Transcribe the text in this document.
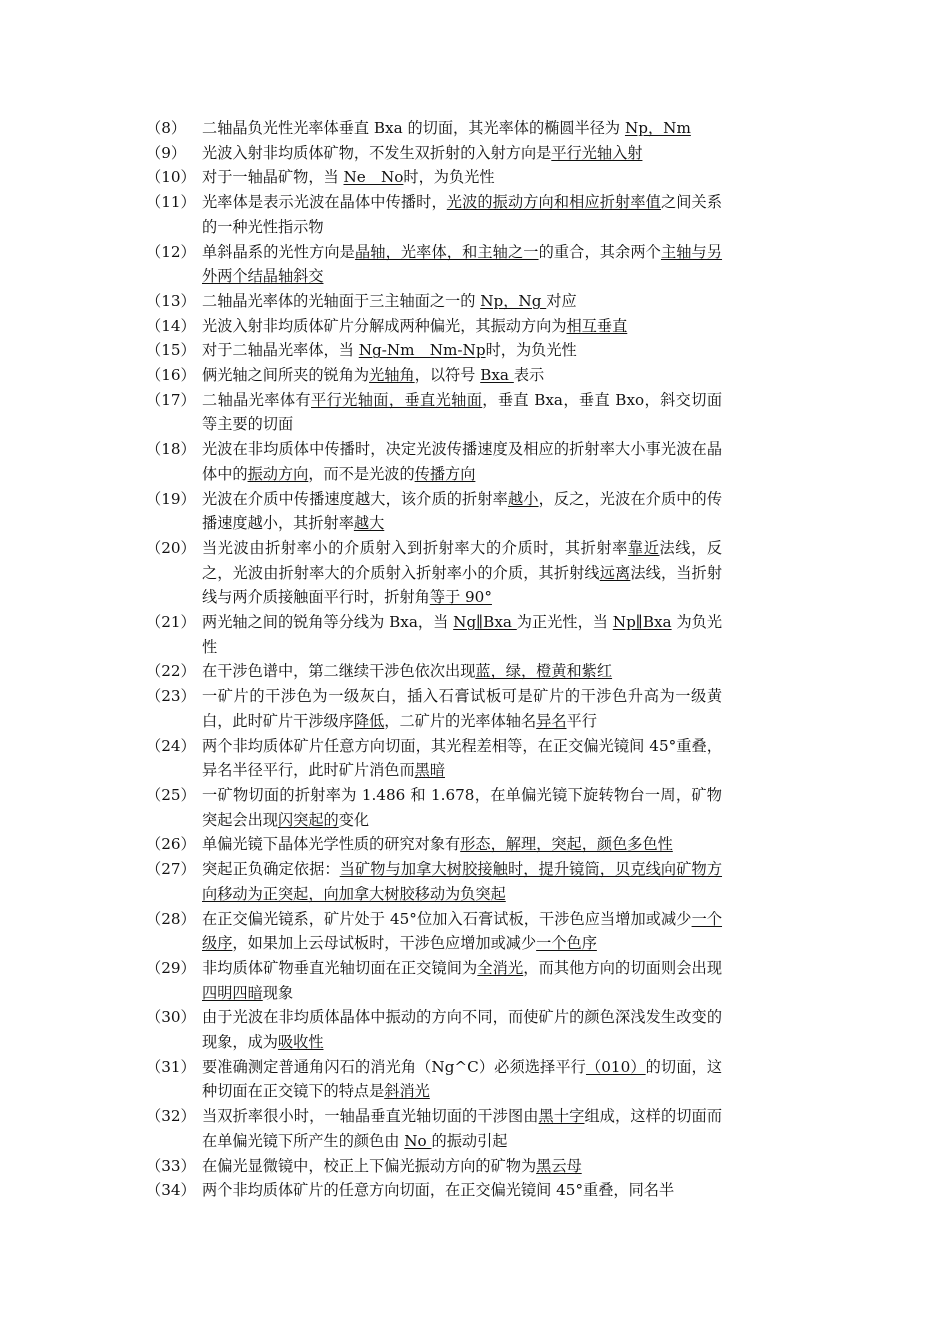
（8）	二轴晶负光性光率体垂直 Bxa 的切面，其光率体的椭圆半径为 Np，Nm
（9）	光波入射非均质体矿物，不发生双折射的入射方向是平行光轴入射
（10） 对于一轴晶矿物，当 Ne　No时，为负光性
（11） 光率体是表示光波在晶体中传播时，光波的振动方向和相应折射率值之间关系的一种光性指示物
（12） 单斜晶系的光性方向是晶轴，光率体，和主轴之一的重合，其余两个主轴与另外两个结晶轴斜交
（13） 二轴晶光率体的光轴面于三主轴面之一的 Np，Ng 对应
（14） 光波入射非均质体矿片分解成两种偏光，其振动方向为相互垂直
（15） 对于二轴晶光率体，当 Ng-Nm　Nm-Np时，为负光性
（16） 俩光轴之间所夹的锐角为光轴角，以符号 Bxa 表示
（17） 二轴晶光率体有平行光轴面，垂直光轴面，垂直 Bxa，垂直 Bxo，斜交切面等主要的切面
（18） 光波在非均质体中传播时，决定光波传播速度及相应的折射率大小事光波在晶体中的振动方向，而不是光波的传播方向
（19） 光波在介质中传播速度越大，该介质的折射率越小，反之，光波在介质中的传播速度越小，其折射率越大
（20） 当光波由折射率小的介质射入到折射率大的介质时，其折射率靠近法线，反之，光波由折射率大的介质射入折射率小的介质，其折射线远离法线，当折射线与两介质接触面平行时，折射角等于 90°
（21） 两光轴之间的锐角等分线为 Bxa，当 Ng∥Bxa 为正光性，当 Np∥Bxa 为负光性
（22） 在干涉色谱中，第二继续干涉色依次出现蓝，绿，橙黄和紫红
（23） 一矿片的干涉色为一级灰白，插入石膏试板可是矿片的干涉色升高为一级黄白，此时矿片干涉级序降低，二矿片的光率体轴名异名平行
（24） 两个非均质体矿片任意方向切面，其光程差相等，在正交偏光镜间 45°重叠，异名半径平行，此时矿片消色而黑暗
（25） 一矿物切面的折射率为 1.486 和 1.678，在单偏光镜下旋转物台一周，矿物突起会出现闪突起的变化
（26） 单偏光镜下晶体光学性质的研究对象有形态，解理，突起，颜色多色性
（27） 突起正负确定依据：当矿物与加拿大树胶接触时，提升镜筒，贝克线向矿物方向移动为正突起，向加拿大树胶移动为负突起
（28） 在正交偏光镜系，矿片处于 45°位加入石膏试板，干涉色应当增加或减少一个级序，如果加上云母试板时，干涉色应增加或减少一个色序
（29） 非均质体矿物垂直光轴切面在正交镜间为全消光，而其他方向的切面则会出现四明四暗现象
（30） 由于光波在非均质体晶体中振动的方向不同，而使矿片的颜色深浅发生改变的现象，成为吸收性
（31） 要准确测定普通角闪石的消光角（Ng^C）必须选择平行（010）的切面，这种切面在正交镜下的特点是斜消光
（32） 当双折率很小时，一轴晶垂直光轴切面的干涉图由黑十字组成，这样的切面而在单偏光镜下所产生的颜色由 No 的振动引起
（33） 在偏光显微镜中，校正上下偏光振动方向的矿物为黑云母
（34） 两个非均质体矿片的任意方向切面，在正交偏光镜间 45°重叠，同名半
